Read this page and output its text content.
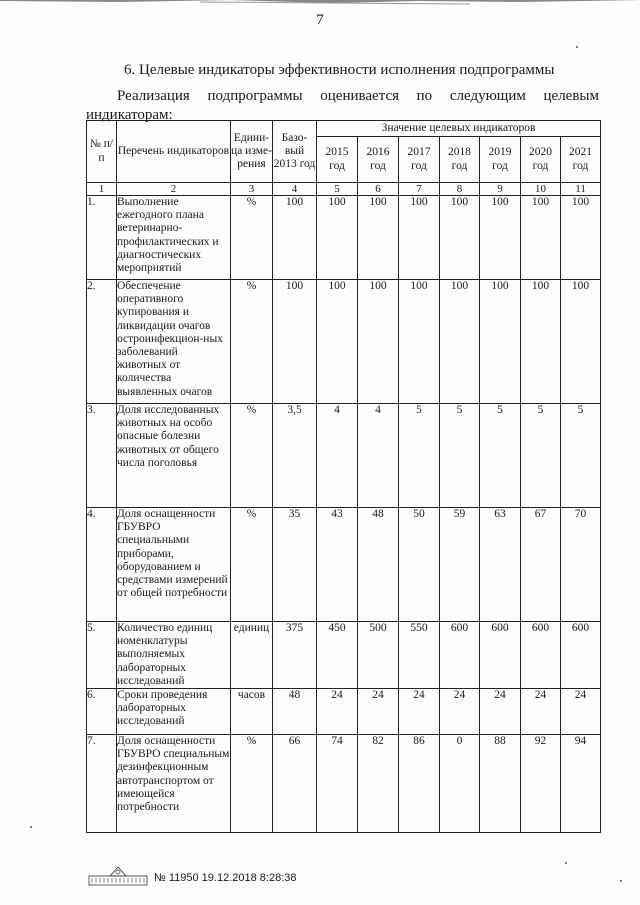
7
6. Целевые индикаторы эффективности исполнения подпрограммы
Реализация подпрограммы оценивается по следующим целевым
индикаторам:
№ п/п	Перечень индикаторов	Едини- ца изме- рения	Базо- вый 2013 год	Значение целевых индикаторов						
				2015 год	2016 год	2017 год	2018 год	2019 год	2020 год	2021 год
1	2	3	4	5	6	7	8	9	10	11
1.	Выполнение ежегодного плана ветеринарно-профилактических и диагностических мероприятий	%	100	100	100	100	100	100	100	100
2.	Обеспечение оперативного купирования и ликвидации очагов остроинфекцион-ных заболеваний животных от количества выявленных очагов	%	100	100	100	100	100	100	100	100
3.	Доля исследованных животных на особо опасные болезни животных от общего числа поголовья	%	3,5	4	4	5	5	5	5	5
4.	Доля оснащенности ГБУВРО специальными приборами, оборудованием и средствами измерений от общей потребности	%	35	43	48	50	59	63	67	70
5.	Количество единиц номенклатуры выполняемых лабораторных исследований	единиц	375	450	500	550	600	600	600	600
6.	Сроки проведения лабораторных исследований	часов	48	24	24	24	24	24	24	24
7.	Доля оснащенности ГБУВРО специальным дезинфекционным автотранспортом от имеющейся потребности	%	66	74	82	86	0	88	92	94
№ 11950 19.12.2018 8:28:38
